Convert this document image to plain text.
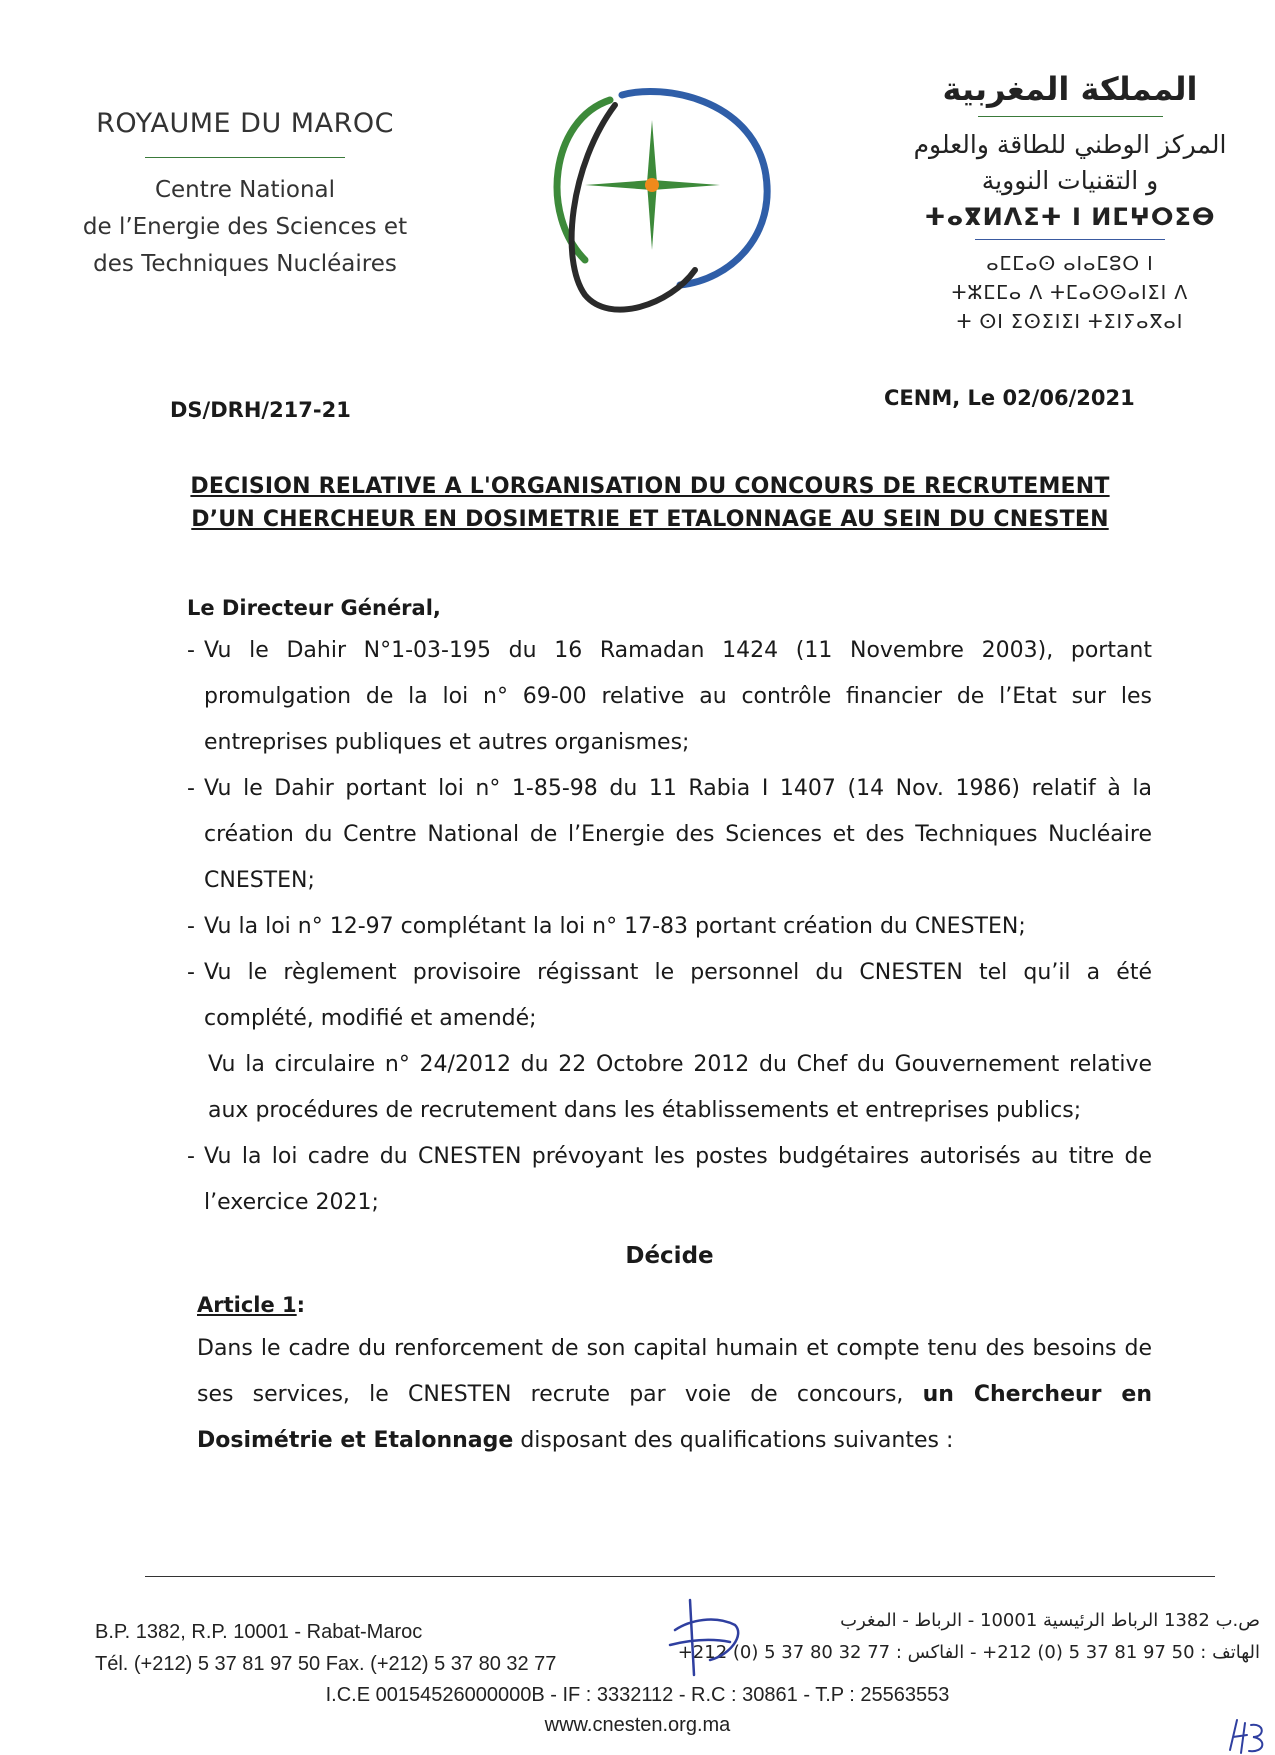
ROYAUME DU MAROC
Centre National
de l’Energie des Sciences et
des Techniques Nucléaires
المملكة المغربية
المركز الوطني للطاقة والعلوم
و التقنيات النووية
ⵜⴰⴳⵍⴷⵉⵜ ⵏ ⵍⵎⵖⵔⵉⴱ
ⴰⵎⵎⴰⵙ ⴰⵏⴰⵎⵓⵔ ⵏ
ⵜⵣⵎⵎⴰ ⴷ ⵜⵎⴰⵙⵙⴰⵏⵉⵏ ⴷ
ⵜ ⵙⵏ ⵉⵙⵉⵏⵉⵏ ⵜⵉⵏⵢⴰⴳⴰⵏ
DS/DRH/217-21	CENM, Le 02/06/2021
DECISION RELATIVE A L'ORGANISATION DU CONCOURS DE RECRUTEMENT
D’UN CHERCHEUR EN DOSIMETRIE ET ETALONNAGE AU SEIN DU CNESTEN
Le Directeur Général,
- Vu le Dahir N°1-03-195 du 16 Ramadan 1424 (11 Novembre 2003), portant promulgation de la loi n° 69-00 relative au contrôle financier de l’Etat sur les entreprises publiques et autres organismes;
- Vu le Dahir portant loi n° 1-85-98 du 11 Rabia I 1407 (14 Nov. 1986) relatif à la création du Centre National de l’Energie des Sciences et des Techniques Nucléaire CNESTEN;
- Vu la loi n° 12-97 complétant la loi n° 17-83 portant création du CNESTEN;
- Vu le règlement provisoire régissant le personnel du CNESTEN tel qu’il a été complété, modifié et amendé;
Vu la circulaire n° 24/2012 du 22 Octobre 2012 du Chef du Gouvernement relative aux procédures de recrutement dans les établissements et entreprises publics;
- Vu la loi cadre du CNESTEN prévoyant les postes budgétaires autorisés au titre de l’exercice 2021;
Décide
Article 1:
Dans le cadre du renforcement de son capital humain et compte tenu des besoins de ses services, le CNESTEN recrute par voie de concours, un Chercheur en Dosimétrie et Etalonnage disposant des qualifications suivantes :
B.P. 1382, R.P. 10001 - Rabat-Maroc
Tél. (+212) 5 37 81 97 50 Fax. (+212) 5 37 80 32 77
ص.ب 1382 الرباط الرئيسية 10001 - الرباط - المغرب
الهاتف : 50 97 81 37 5 (0) 212+ - الفاكس : 77 32 80 37 5 (0) 212+
I.C.E 00154526000000B - IF : 3332112 - R.C : 30861 - T.P : 25563553
www.cnesten.org.ma
